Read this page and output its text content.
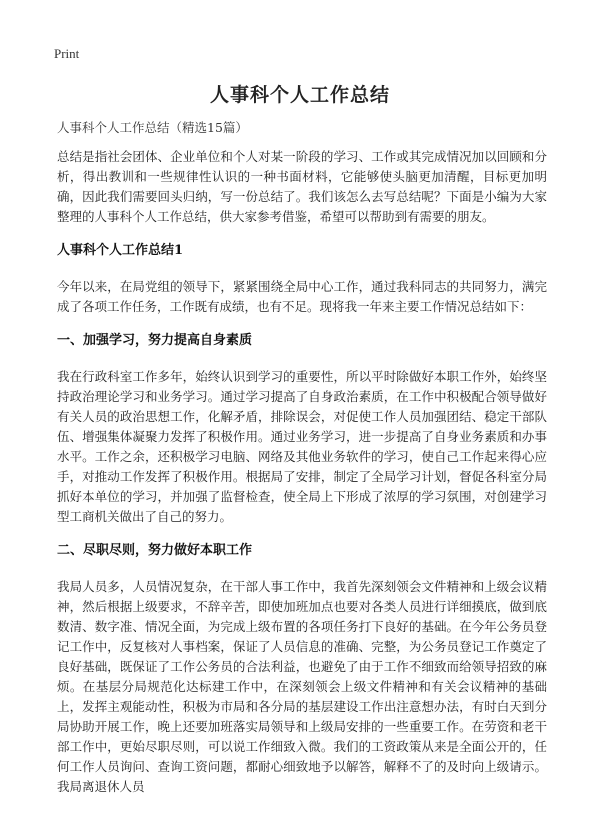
Print
人事科个人工作总结
人事科个人工作总结（精选15篇）

总结是指社会团体、企业单位和个人对某一阶段的学习、工作或其完成情况加以回顾和分析，得出教训和一些规律性认识的一种书面材料，它能够使头脑更加清醒，目标更加明确，因此我们需要回头归纳，写一份总结了。我们该怎么去写总结呢？下面是小编为大家整理的人事科个人工作总结，供大家参考借鉴，希望可以帮助到有需要的朋友。

人事科个人工作总结1

今年以来，在局党组的领导下，紧紧围绕全局中心工作，通过我科同志的共同努力，满完成了各项工作任务，工作既有成绩，也有不足。现将我一年来主要工作情况总结如下：

一、加强学习，努力提高自身素质

我在行政科室工作多年，始终认识到学习的重要性，所以平时除做好本职工作外，始终坚持政治理论学习和业务学习。通过学习提高了自身政治素质，在工作中积极配合领导做好有关人员的政治思想工作，化解矛盾，排除误会，对促使工作人员加强团结、稳定干部队伍、增强集体凝聚力发挥了积极作用。通过业务学习，进一步提高了自身业务素质和办事水平。工作之余，还积极学习电脑、网络及其他业务软件的学习，使自己工作起来得心应手，对推动工作发挥了积极作用。根据局了安排，制定了全局学习计划，督促各科室分局抓好本单位的学习，并加强了监督检查，使全局上下形成了浓厚的学习氛围，对创建学习型工商机关做出了自己的努力。

二、尽职尽则，努力做好本职工作

我局人员多，人员情况复杂，在干部人事工作中，我首先深刻领会文件精神和上级会议精神，然后根据上级要求，不辞辛苦，即使加班加点也要对各类人员进行详细摸底，做到底数清、数字准、情况全面，为完成上级布置的各项任务打下良好的基础。在今年公务员登记工作中，反复核对人事档案，保证了人员信息的准确、完整，为公务员登记工作奠定了良好基础，既保证了工作公务员的合法利益，也避免了由于工作不细致而给领导招致的麻烦。在基层分局规范化达标建工作中，在深刻领会上级文件精神和有关会议精神的基础上，发挥主观能动性，积极为市局和各分局的基层建设工作出注意想办法，有时白天到分局协助开展工作，晚上还要加班落实局领导和上级局安排的一些重要工作。在劳资和老干部工作中，更始尽职尽则，可以说工作细致入微。我们的工资政策从来是全面公开的，任何工作人员询问、查询工资问题，都耐心细致地予以解答，解释不了的及时向上级请示。我局离退休人员
